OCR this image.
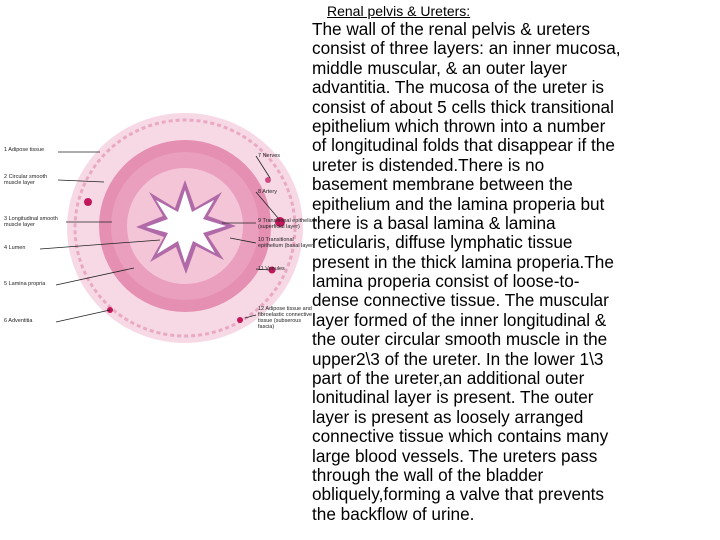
Renal pelvis & Ureters:
The wall of the renal pelvis & ureters
consist of three layers: an inner mucosa,
middle muscular, & an outer layer
advantitia. The mucosa of the ureter is
consist of about 5 cells thick transitional
epithelium which thrown into a number
of longitudinal folds that disappear if the
ureter is distended.There is no
basement membrane between the
epithelium and the lamina properia but
there is a basal lamina & lamina
reticularis, diffuse lymphatic tissue
present in the thick lamina properia.The
lamina properia consist of loose-to-
dense connective tissue. The muscular
layer formed of the inner longitudinal &
the outer circular smooth muscle in the
upper2\3 of the ureter. In the lower 1\3
part of the ureter,an additional outer
lonitudinal layer is present. The outer
layer is present as loosely arranged
connective tissue which contains many
large blood vessels. The ureters pass
through the wall of the bladder
obliquely,forming a valve that prevents
the backflow of urine.
1 Adipose tissue
2 Circular smooth muscle layer
3 Longitudinal smooth muscle layer
4 Lumen
5 Lamina propria
6 Adventitia
7 Nerves
8 Artery
9 Transitional epithelium (superficial layer)
10 Transitional epithelium (basal layer)
11 Venules
12 Adipose tissue and fibroelastic connective tissue (subserous fascia)
